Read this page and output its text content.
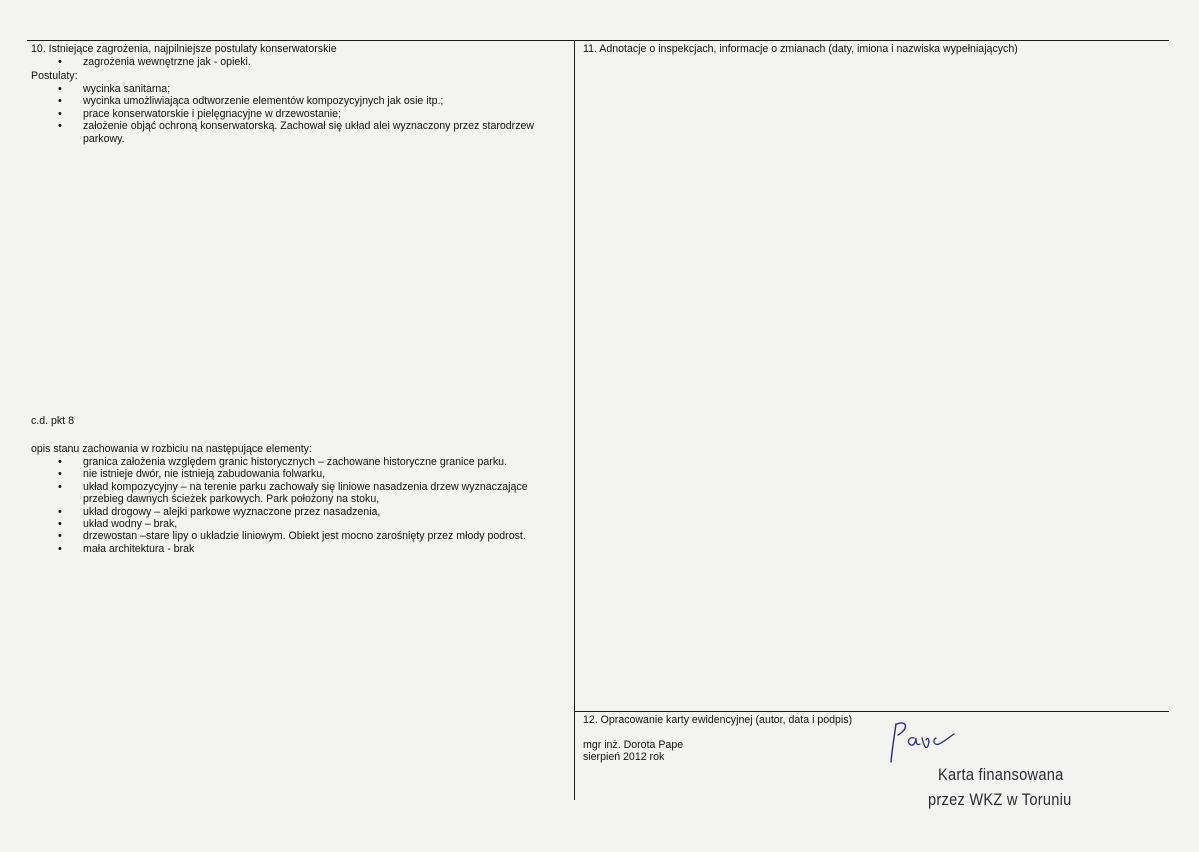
10. Istniejące zagrożenia, najpilniejsze postulaty konserwatorskie
• zagrożenia wewnętrzne jak - opieki.
Postulaty:
• wycinka sanitarna;
• wycinka umożliwiająca odtworzenie elementów kompozycyjnych jak osie itp.;
• prace konserwatorskie i pielęgnacyjne w drzewostanie;
• założenie objąć ochroną konserwatorską. Zachował się układ alei wyznaczony przez starodrzew parkowy.
c.d. pkt 8
opis stanu zachowania w rozbiciu na następujące elementy:
• granica założenia względem granic historycznych – zachowane historyczne granice parku.
• nie istnieje dwór, nie istnieją zabudowania folwarku,
• układ kompozycyjny – na terenie parku zachowały się liniowe nasadzenia drzew wyznaczające przebieg dawnych ścieżek parkowych. Park położony na stoku,
• układ drogowy – alejki parkowe wyznaczone przez nasadzenia,
• układ wodny – brak,
• drzewostan –stare lipy o układzie liniowym. Obiekt jest mocno zarośnięty przez młody podrost.
• mała architektura - brak
11. Adnotacje o inspekcjach, informacje o zmianach (daty, imiona i nazwiska wypełniających)
12. Opracowanie karty ewidencyjnej (autor, data i podpis)
mgr inż. Dorota Pape
sierpień 2012 rok
Karta finansowana
przez WKZ w Toruniu
